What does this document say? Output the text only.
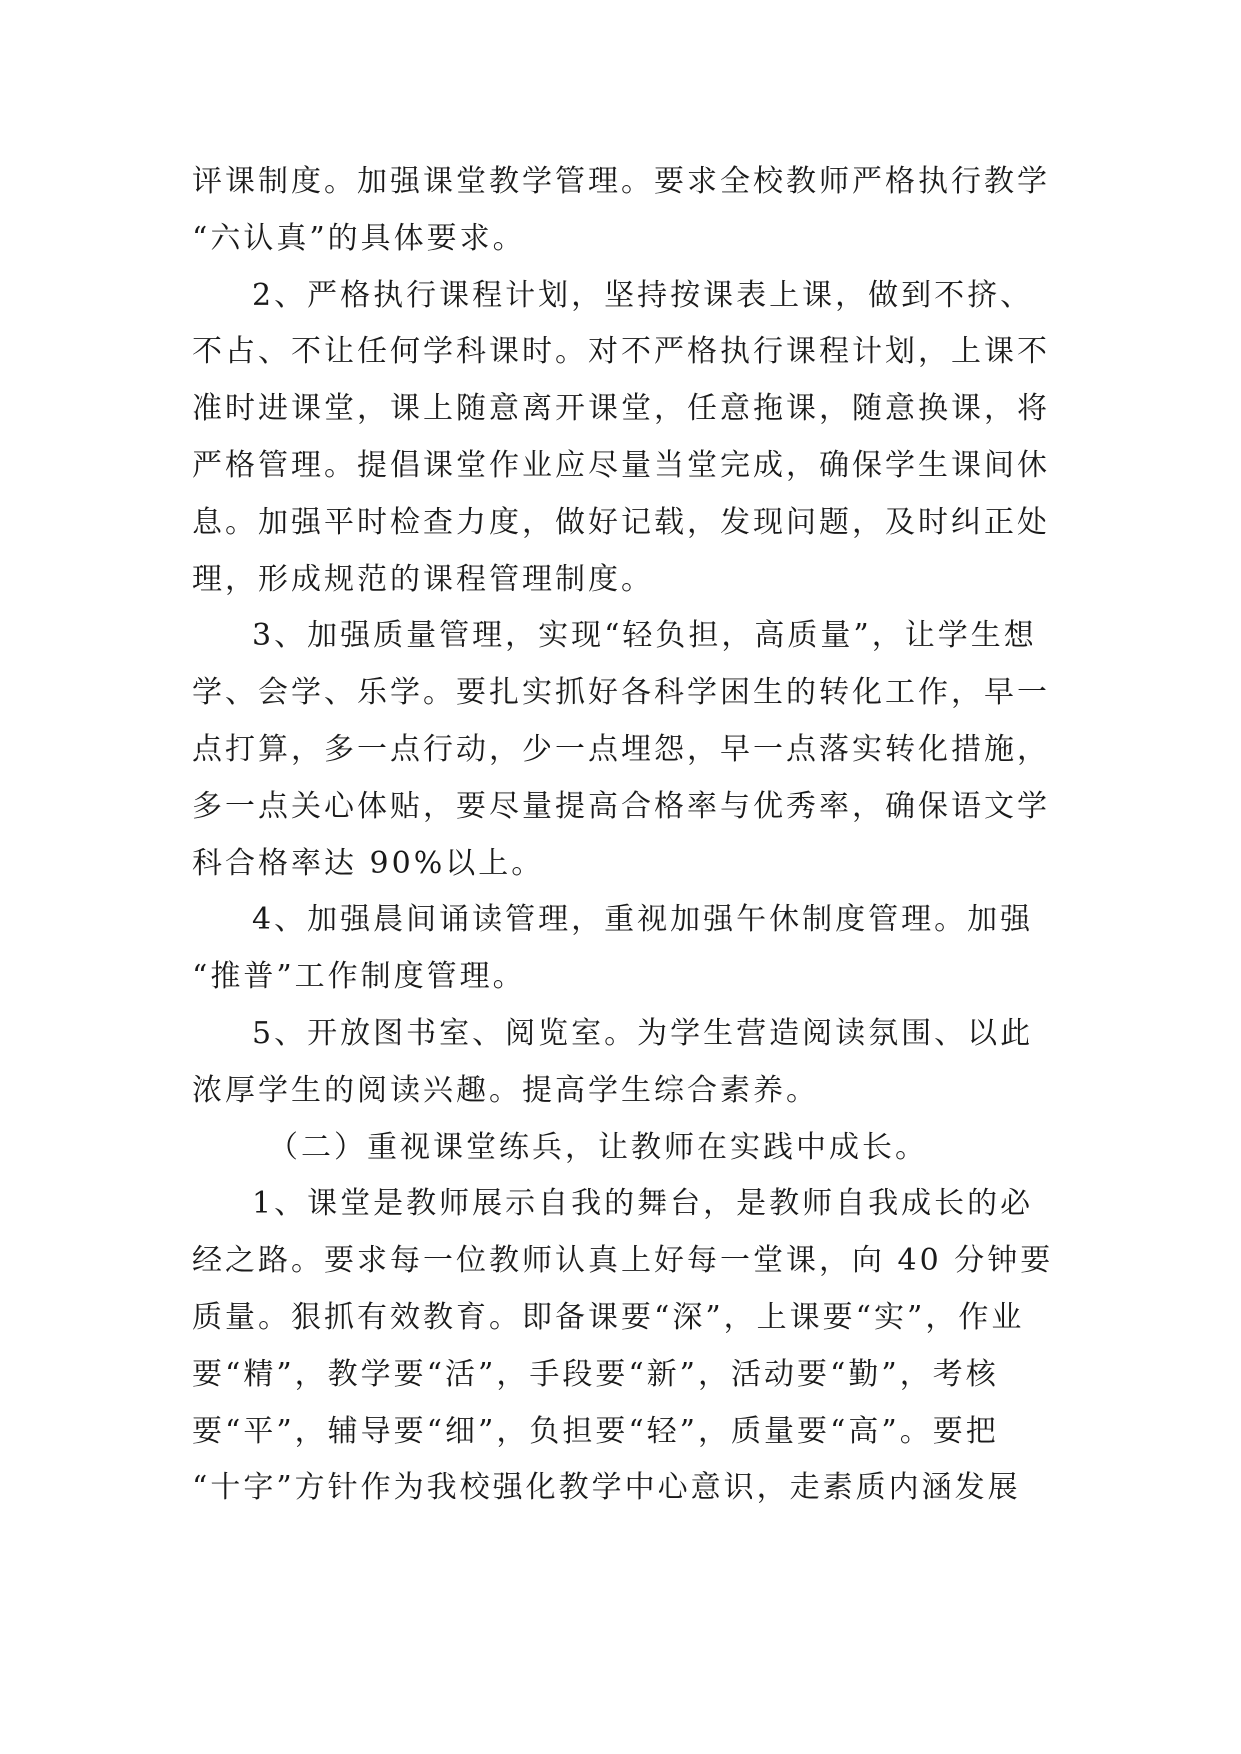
评课制度。加强课堂教学管理。要求全校教师严格执行教学
“六认真”的具体要求。
2、严格执行课程计划，坚持按课表上课，做到不挤、
不占、不让任何学科课时。对不严格执行课程计划，上课不
准时进课堂，课上随意离开课堂，任意拖课，随意换课，将
严格管理。提倡课堂作业应尽量当堂完成，确保学生课间休
息。加强平时检查力度，做好记载，发现问题，及时纠正处
理，形成规范的课程管理制度。
3、加强质量管理，实现“轻负担，高质量”，让学生想
学、会学、乐学。要扎实抓好各科学困生的转化工作，早一
点打算，多一点行动，少一点埋怨，早一点落实转化措施，
多一点关心体贴，要尽量提高合格率与优秀率，确保语文学
科合格率达 90%以上。
4、加强晨间诵读管理，重视加强午休制度管理。加强
“推普”工作制度管理。
5、开放图书室、阅览室。为学生营造阅读氛围、以此
浓厚学生的阅读兴趣。提高学生综合素养。
（二）重视课堂练兵，让教师在实践中成长。
1、课堂是教师展示自我的舞台，是教师自我成长的必
经之路。要求每一位教师认真上好每一堂课，向 40 分钟要
质量。狠抓有效教育。即备课要“深”，上课要“实”，作业
要“精”，教学要“活”，手段要“新”，活动要“勤”，考核
要“平”，辅导要“细”，负担要“轻”，质量要“高”。要把
“十字”方针作为我校强化教学中心意识，走素质内涵发展
